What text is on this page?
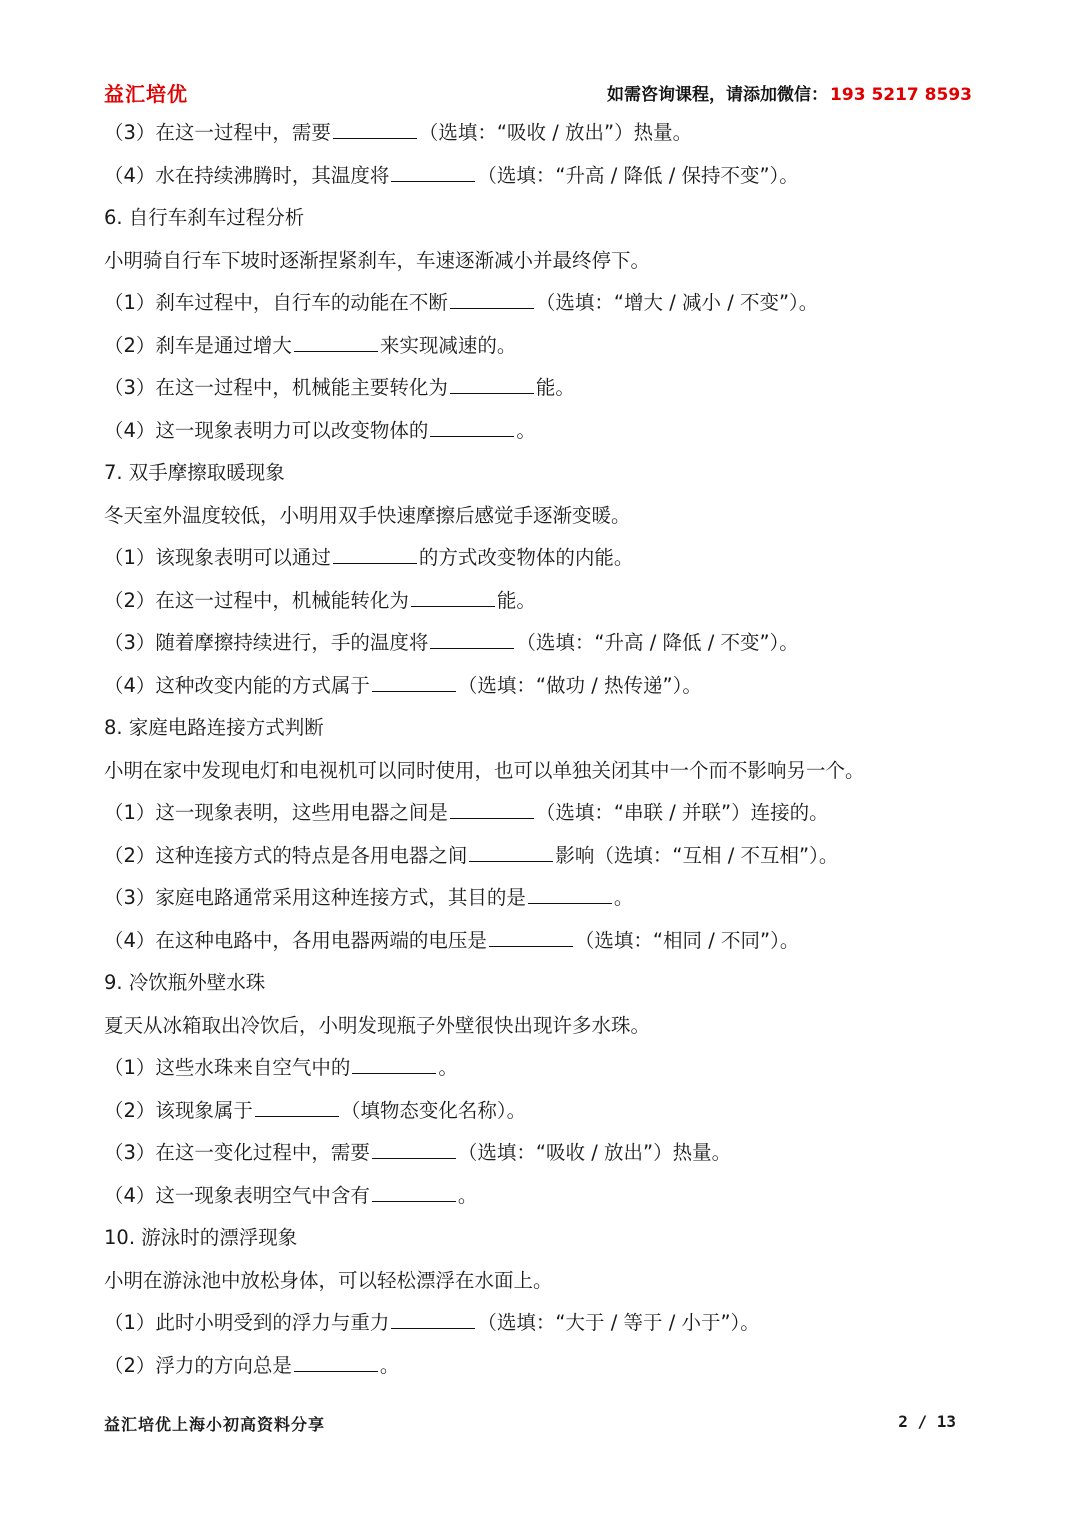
益汇培优	如需咨询课程，请添加微信： 193 5217 8593
（3）在这一过程中，需要	（选填：“吸收 / 放出”）热量。
（4）水在持续沸腾时，其温度将	（选填：“升高 / 降低 / 保持不变”）。
6. 自行车刹车过程分析
小明骑自行车下坡时逐渐捏紧刹车，车速逐渐减小并最终停下。
（1）刹车过程中，自行车的动能在不断	（选填：“增大 / 减小 / 不变”）。
（2）刹车是通过增大	来实现减速的。
（3）在这一过程中，机械能主要转化为	能。
（4）这一现象表明力可以改变物体的	。
7. 双手摩擦取暖现象
冬天室外温度较低，小明用双手快速摩擦后感觉手逐渐变暖。
（1）该现象表明可以通过	的方式改变物体的内能。
（2）在这一过程中，机械能转化为	能。
（3）随着摩擦持续进行，手的温度将	（选填：“升高 / 降低 / 不变”）。
（4）这种改变内能的方式属于	（选填：“做功 / 热传递”）。
8. 家庭电路连接方式判断
小明在家中发现电灯和电视机可以同时使用，也可以单独关闭其中一个而不影响另一个。
（1）这一现象表明，这些用电器之间是	（选填：“串联 / 并联”）连接的。
（2）这种连接方式的特点是各用电器之间	影响（选填：“互相 / 不互相”）。
（3）家庭电路通常采用这种连接方式，其目的是	。
（4）在这种电路中，各用电器两端的电压是	（选填：“相同 / 不同”）。
9. 冷饮瓶外壁水珠
夏天从冰箱取出冷饮后，小明发现瓶子外壁很快出现许多水珠。
（1）这些水珠来自空气中的	。
（2）该现象属于	（填物态变化名称）。
（3）在这一变化过程中，需要	（选填：“吸收 / 放出”）热量。
（4）这一现象表明空气中含有	。
10. 游泳时的漂浮现象
小明在游泳池中放松身体，可以轻松漂浮在水面上。
（1）此时小明受到的浮力与重力	（选填：“大于 / 等于 / 小于”）。
（2）浮力的方向总是	。
益汇培优上海小初高资料分享	2 / 13
